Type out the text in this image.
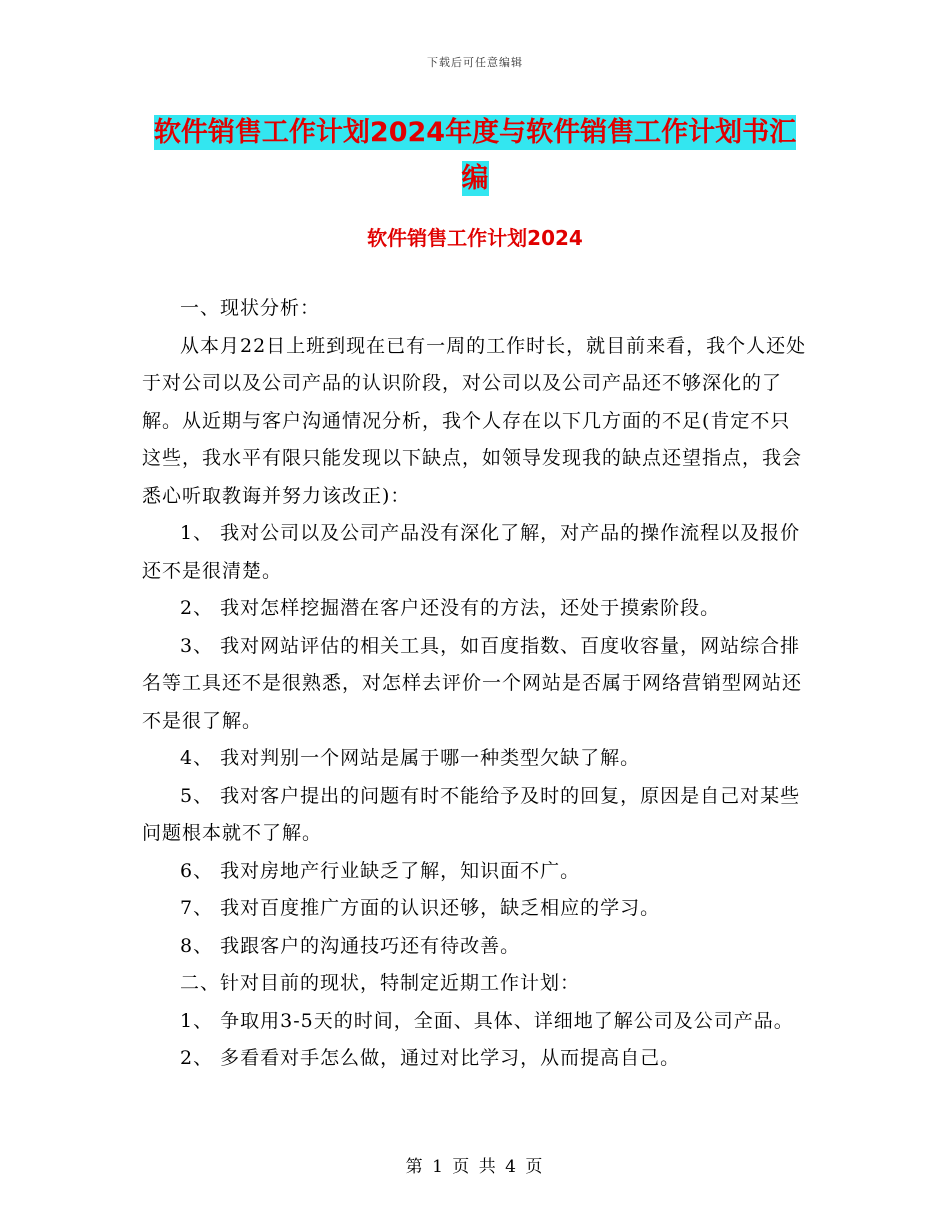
下载后可任意编辑
软件销售工作计划2024年度与软件销售工作计划书汇
编
软件销售工作计划2024

一、现状分析：

从本月22日上班到现在已有一周的工作时长，就目前来看，我个人还处于对公司以及公司产品的认识阶段，对公司以及公司产品还不够深化的了解。从近期与客户沟通情况分析，我个人存在以下几方面的不足(肯定不只这些，我水平有限只能发现以下缺点，如领导发现我的缺点还望指点，我会悉心听取教诲并努力该改正)：

1、 我对公司以及公司产品没有深化了解，对产品的操作流程以及报价还不是很清楚。

2、 我对怎样挖掘潜在客户还没有的方法，还处于摸索阶段。

3、 我对网站评估的相关工具，如百度指数、百度收容量，网站综合排名等工具还不是很熟悉，对怎样去评价一个网站是否属于网络营销型网站还不是很了解。

4、 我对判别一个网站是属于哪一种类型欠缺了解。

5、 我对客户提出的问题有时不能给予及时的回复，原因是自己对某些问题根本就不了解。

6、 我对房地产行业缺乏了解，知识面不广。

7、 我对百度推广方面的认识还够，缺乏相应的学习。

8、 我跟客户的沟通技巧还有待改善。

二、针对目前的现状，特制定近期工作计划：

1、 争取用3-5天的时间，全面、具体、详细地了解公司及公司产品。

2、 多看看对手怎么做，通过对比学习，从而提高自己。

第 1 页 共 4 页
